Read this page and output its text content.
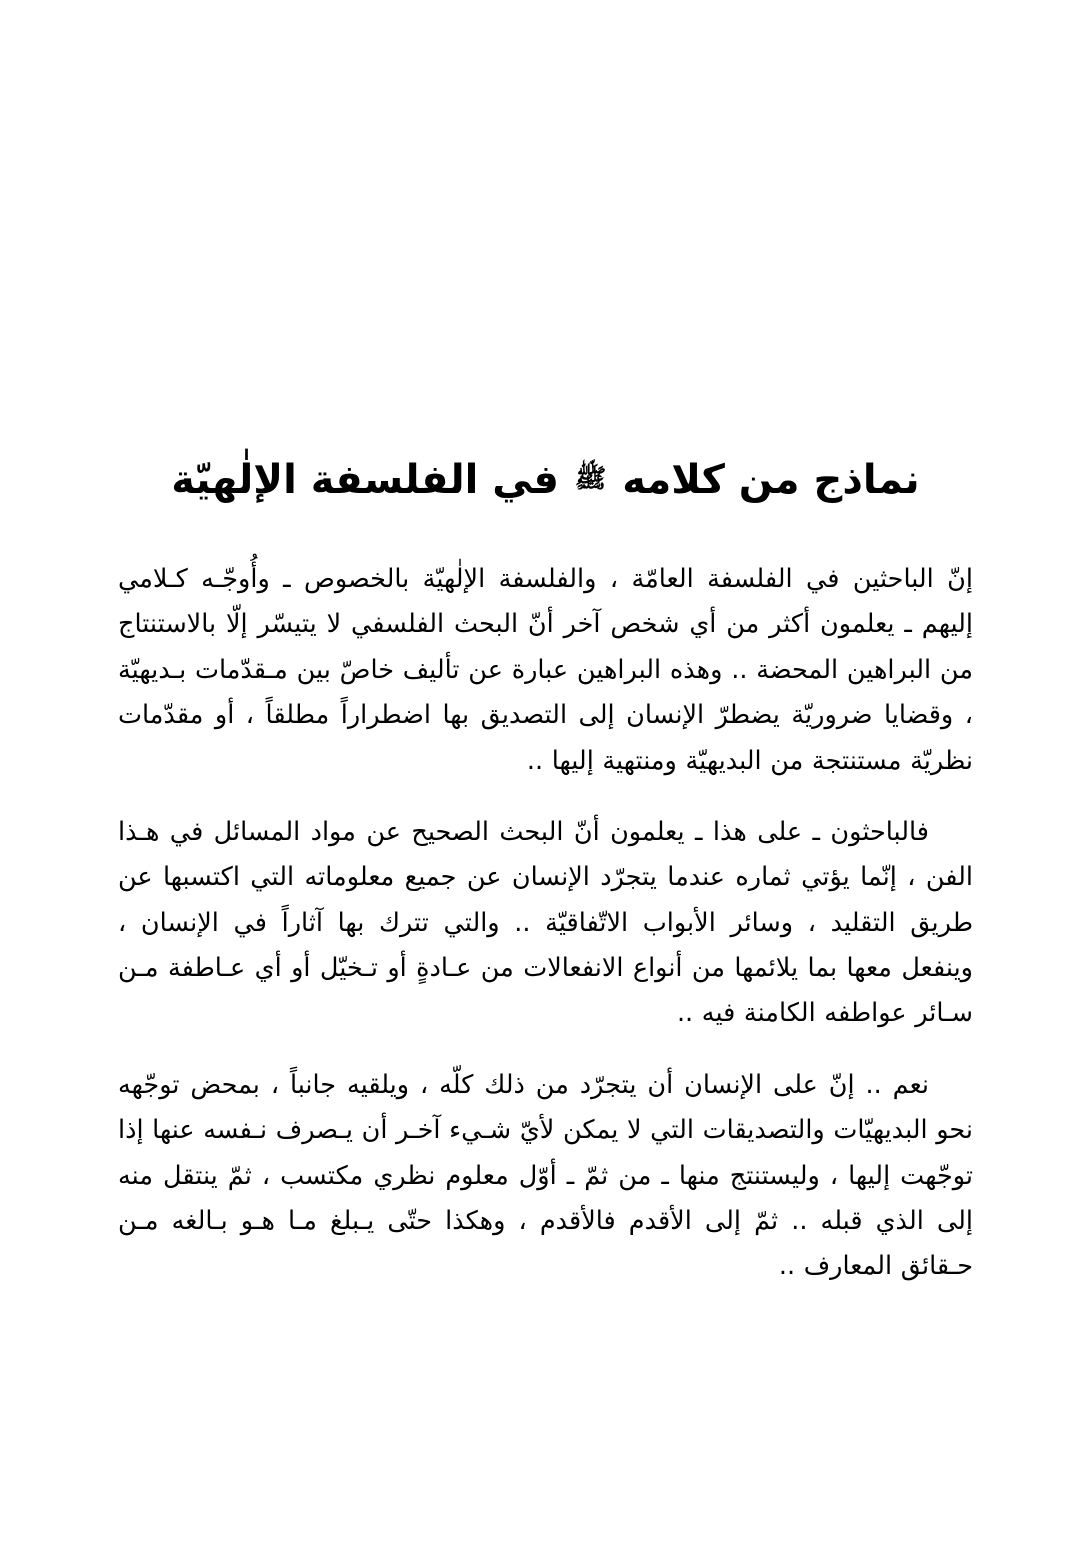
نماذج من كلامه ﷺ في الفلسفة الإلٰهيّة

إنّ الباحثين في الفلسفة العامّة ، والفلسفة الإلٰهيّة بالخصوص ـ وأُوجّـه كـلامي إليهم ـ يعلمون أكثر من أي شخص آخر أنّ البحث الفلسفي لا يتيسّر إلّا بالاستنتاج من البراهين المحضة .. وهذه البراهين عبارة عن تأليف خاصّ بين مـقدّمات بـديهيّة ، وقضايا ضروريّة يضطرّ الإنسان إلى التصديق بها اضطراراً مطلقاً ، أو مقدّمات نظريّة مستنتجة من البديهيّة ومنتهية إليها ..

فالباحثون ـ على هذا ـ يعلمون أنّ البحث الصحيح عن مواد المسائل في هـذا الفن ، إنّما يؤتي ثماره عندما يتجرّد الإنسان عن جميع معلوماته التي اكتسبها عن طريق التقليد ، وسائر الأبواب الاتّفاقيّة .. والتي تترك بها آثاراً في الإنسان ، وينفعل معها بما يلائمها من أنواع الانفعالات من عـادةٍ أو تـخيّل أو أي عـاطفة مـن سـائر عواطفه الكامنة فيه ..

نعم .. إنّ على الإنسان أن يتجرّد من ذلك كلّه ، ويلقيه جانباً ، بمحض توجّهه نحو البديهيّات والتصديقات التي لا يمكن لأيّ شـيء آخـر أن يـصرف نـفسه عنها إذا توجّهت إليها ، وليستنتج منها ـ من ثمّ ـ أوّل معلوم نظري مكتسب ، ثمّ ينتقل منه إلى الذي قبله .. ثمّ إلى الأقدم فالأقدم ، وهكذا حتّى يـبلغ مـا هـو بـالغه مـن حـقائق المعارف ..
